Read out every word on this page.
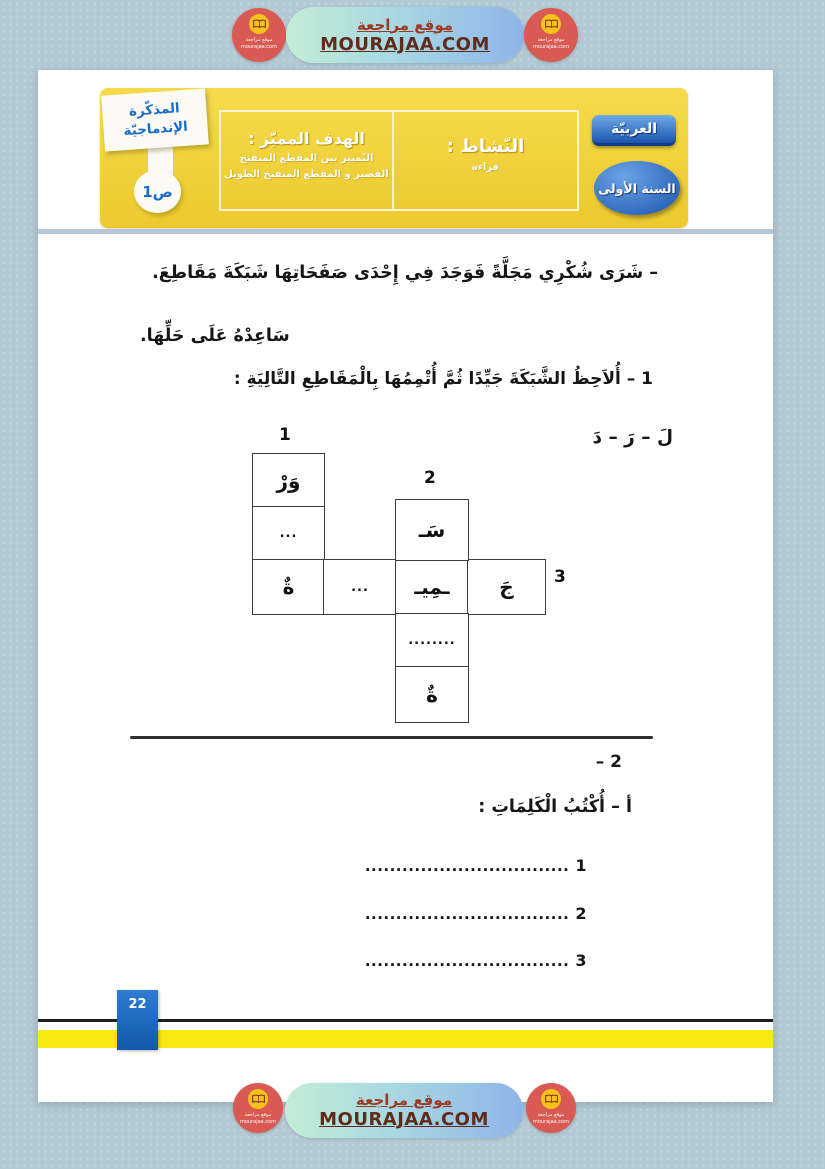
موقع مراجعة
mourajaa.com
موقع مراجعة
MOURAJAA.COM	موقع مراجعة
mourajaa.com
المذكّرة الإندماجيّة
ص1
الهدف المميّز :
التّمييز بين المقطع المنفتح
القصير و المقطع المنفتح الطويل
النّشاط :
قراءة
العربيّة
السنة الأولى
– شَرَى شُكْرِي مَجَلَّةً فَوَجَدَ فِي إِحْدَى صَفَحَاتِهَا شَبَكَةَ مَقَاطِعَ.
سَاعِدْهُ عَلَى حَلِّهَا.
1 – أُلاَحِظُ الشَّبَكَةَ جَيِّدًا ثُمَّ أُتْمِمُهَا بِالْمَقَاطِعِ التَّالِيَةِ :
لَ – رَ – دَ
1
2
3
وَرْ
...
ةٌ	...	ـمِيـ	جَ
سَـ
........
ةٌ
– 2
أ – أُكْتُبُ الْكَلِمَاتِ :
................................. 1
................................. 2
................................. 3
22
موقع مراجعة
mourajaa.com
موقع مراجعة
MOURAJAA.COM	موقع مراجعة
mourajaa.com
